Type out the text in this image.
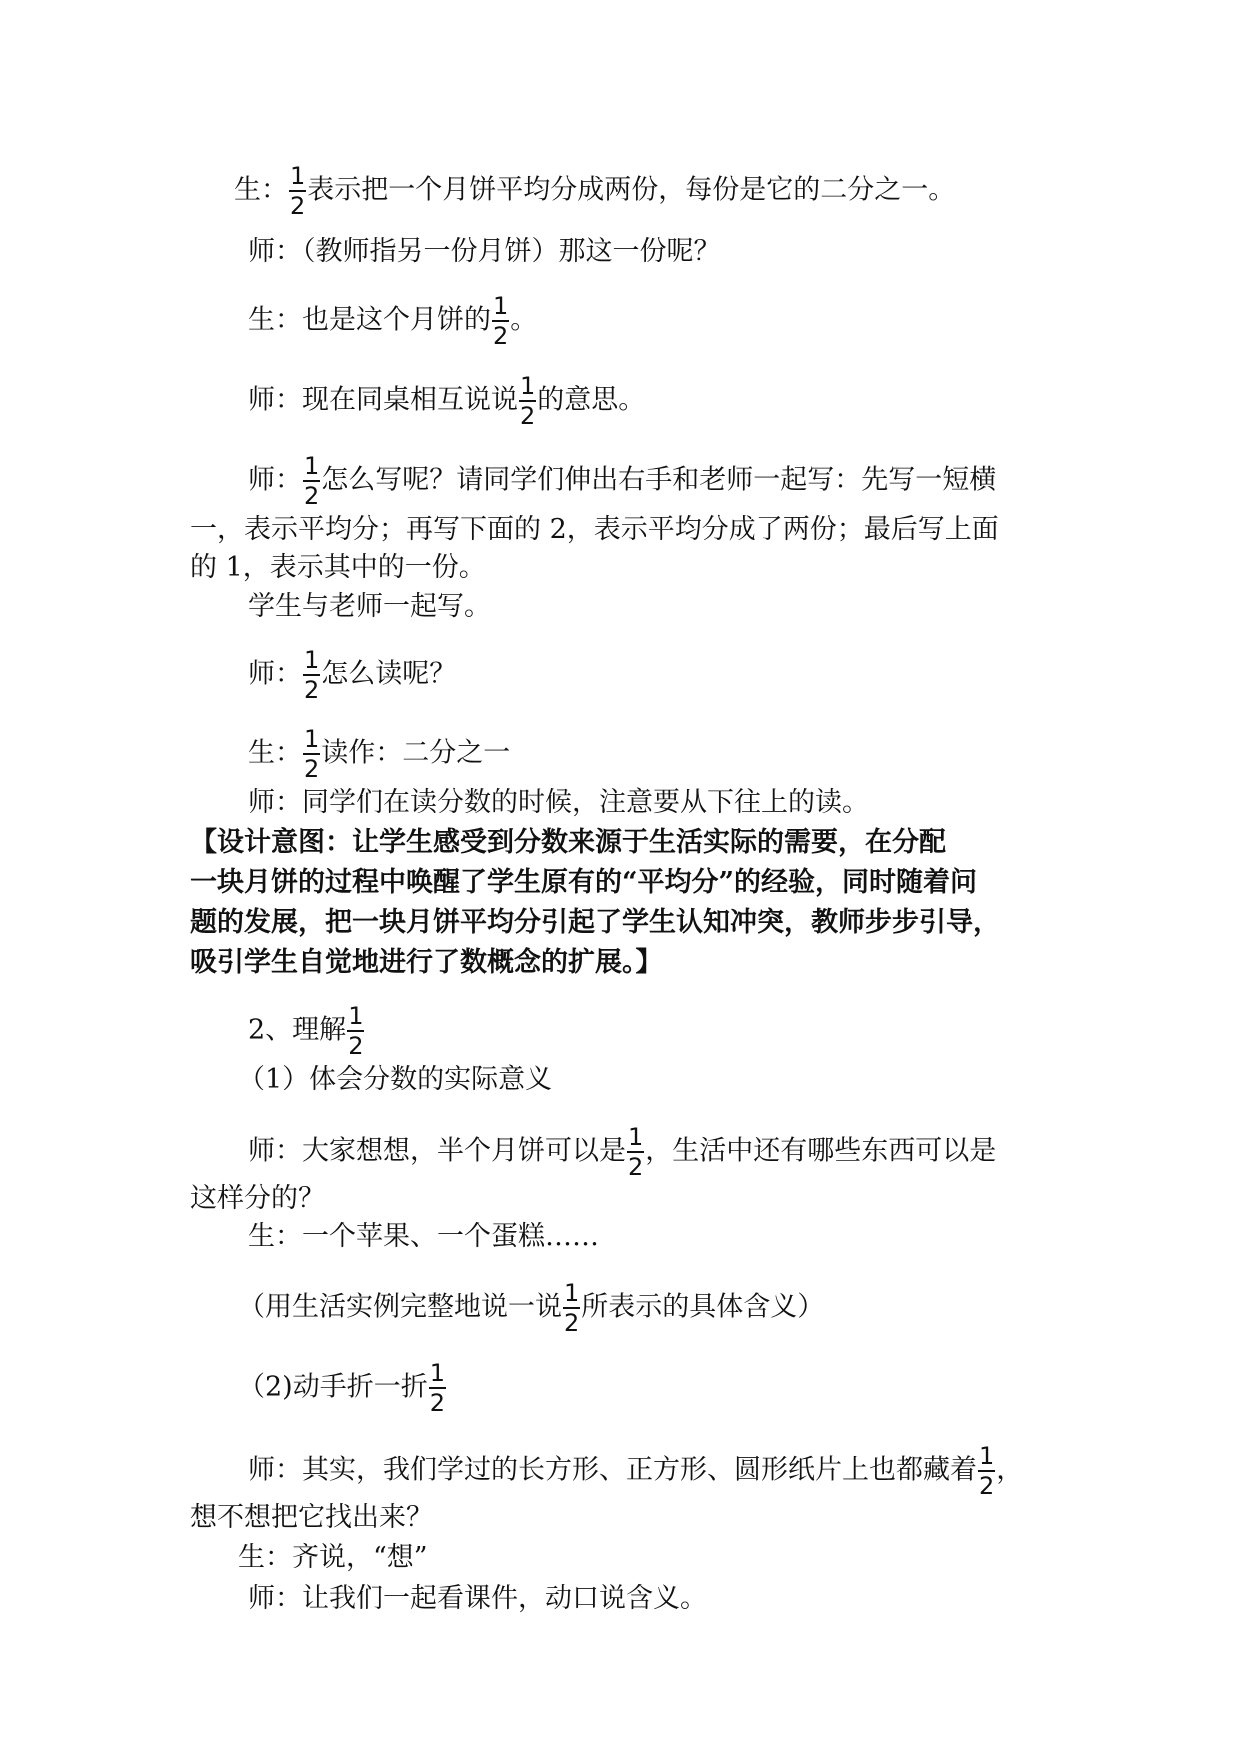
生： $\frac{1}{2}$ 表示把一个月饼平均分成两份，每份是它的二分之一。
师：（教师指另一份月饼）那这一份呢？
生：也是这个月饼的 $\frac{1}{2}$ 。
师：现在同桌相互说说 $\frac{1}{2}$ 的意思。
师： $\frac{1}{2}$ 怎么写呢？请同学们伸出右手和老师一起写：先写一短横
一，表示平均分；再写下面的 2，表示平均分成了两份；最后写上面
的 1，表示其中的一份。
学生与老师一起写。
师： $\frac{1}{2}$ 怎么读呢？
生： $\frac{1}{2}$ 读作：二分之一
师：同学们在读分数的时候，注意要从下往上的读。
【设计意图：让学生感受到分数来源于生活实际的需要，在分配
一块月饼的过程中唤醒了学生原有的“平均分”的经验，同时随着问
题的发展，把一块月饼平均分引起了学生认知冲突，教师步步引导，
吸引学生自觉地进行了数概念的扩展。】
2、理解 $\frac{1}{2}$
（1）体会分数的实际意义
师：大家想想，半个月饼可以是 $\frac{1}{2}$ ，生活中还有哪些东西可以是
这样分的？
生：一个苹果、一个蛋糕……
（用生活实例完整地说一说 $\frac{1}{2}$ 所表示的具体含义）
（2)动手折一折 $\frac{1}{2}$
师：其实，我们学过的长方形、正方形、圆形纸片上也都藏着 $\frac{1}{2}$ ，
想不想把它找出来？
生：齐说，“想”
师：让我们一起看课件，动口说含义。
